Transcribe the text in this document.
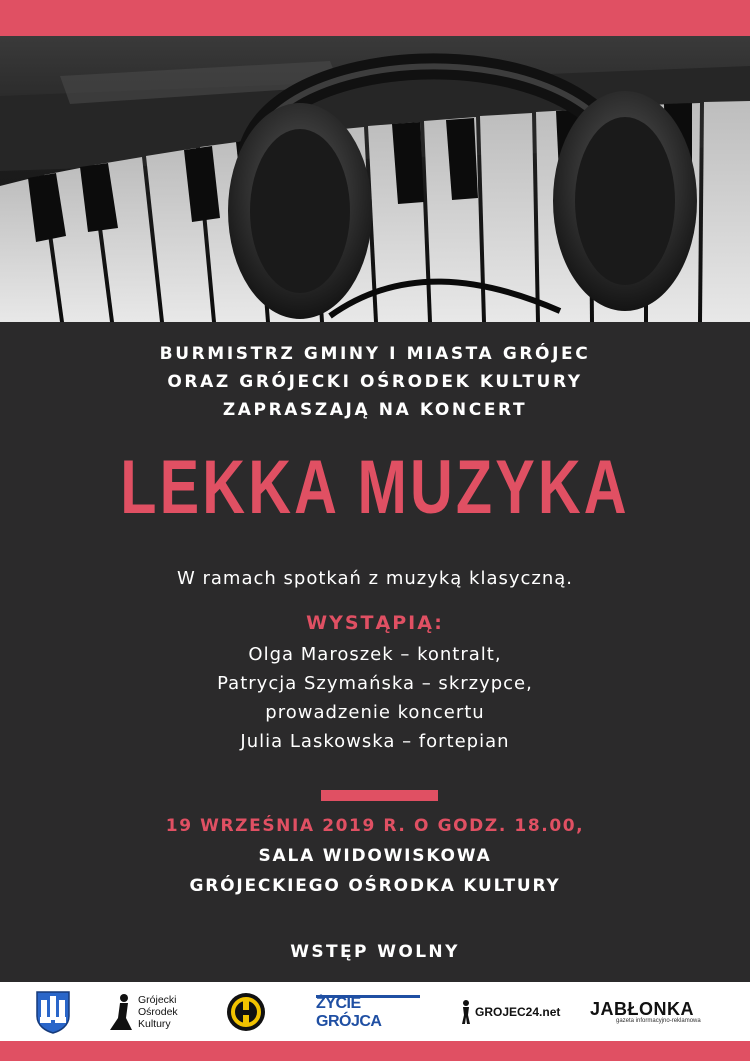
BURMISTRZ GMINY I MIASTA GRÓJEC
ORAZ GRÓJECKI OŚRODEK KULTURY
ZAPRASZAJĄ NA KONCERT
LEKKA MUZYKA
W ramach spotkań z muzyką klasyczną.
WYSTĄPIĄ:
Olga Maroszek – kontralt,
Patrycja Szymańska – skrzypce,
prowadzenie koncertu
Julia Laskowska – fortepian
19 WRZEŚNIA 2019 R. O GODZ. 18.00,
SALA WIDOWISKOWA
GRÓJECKIEGO OŚRODKA KULTURY
WSTĘP WOLNY
Grójecki
Ośrodek
Kultury
ŻYCIE GRÓJCA
GROJEC24.net JABŁONKA
gazeta informacyjno-reklamowa
